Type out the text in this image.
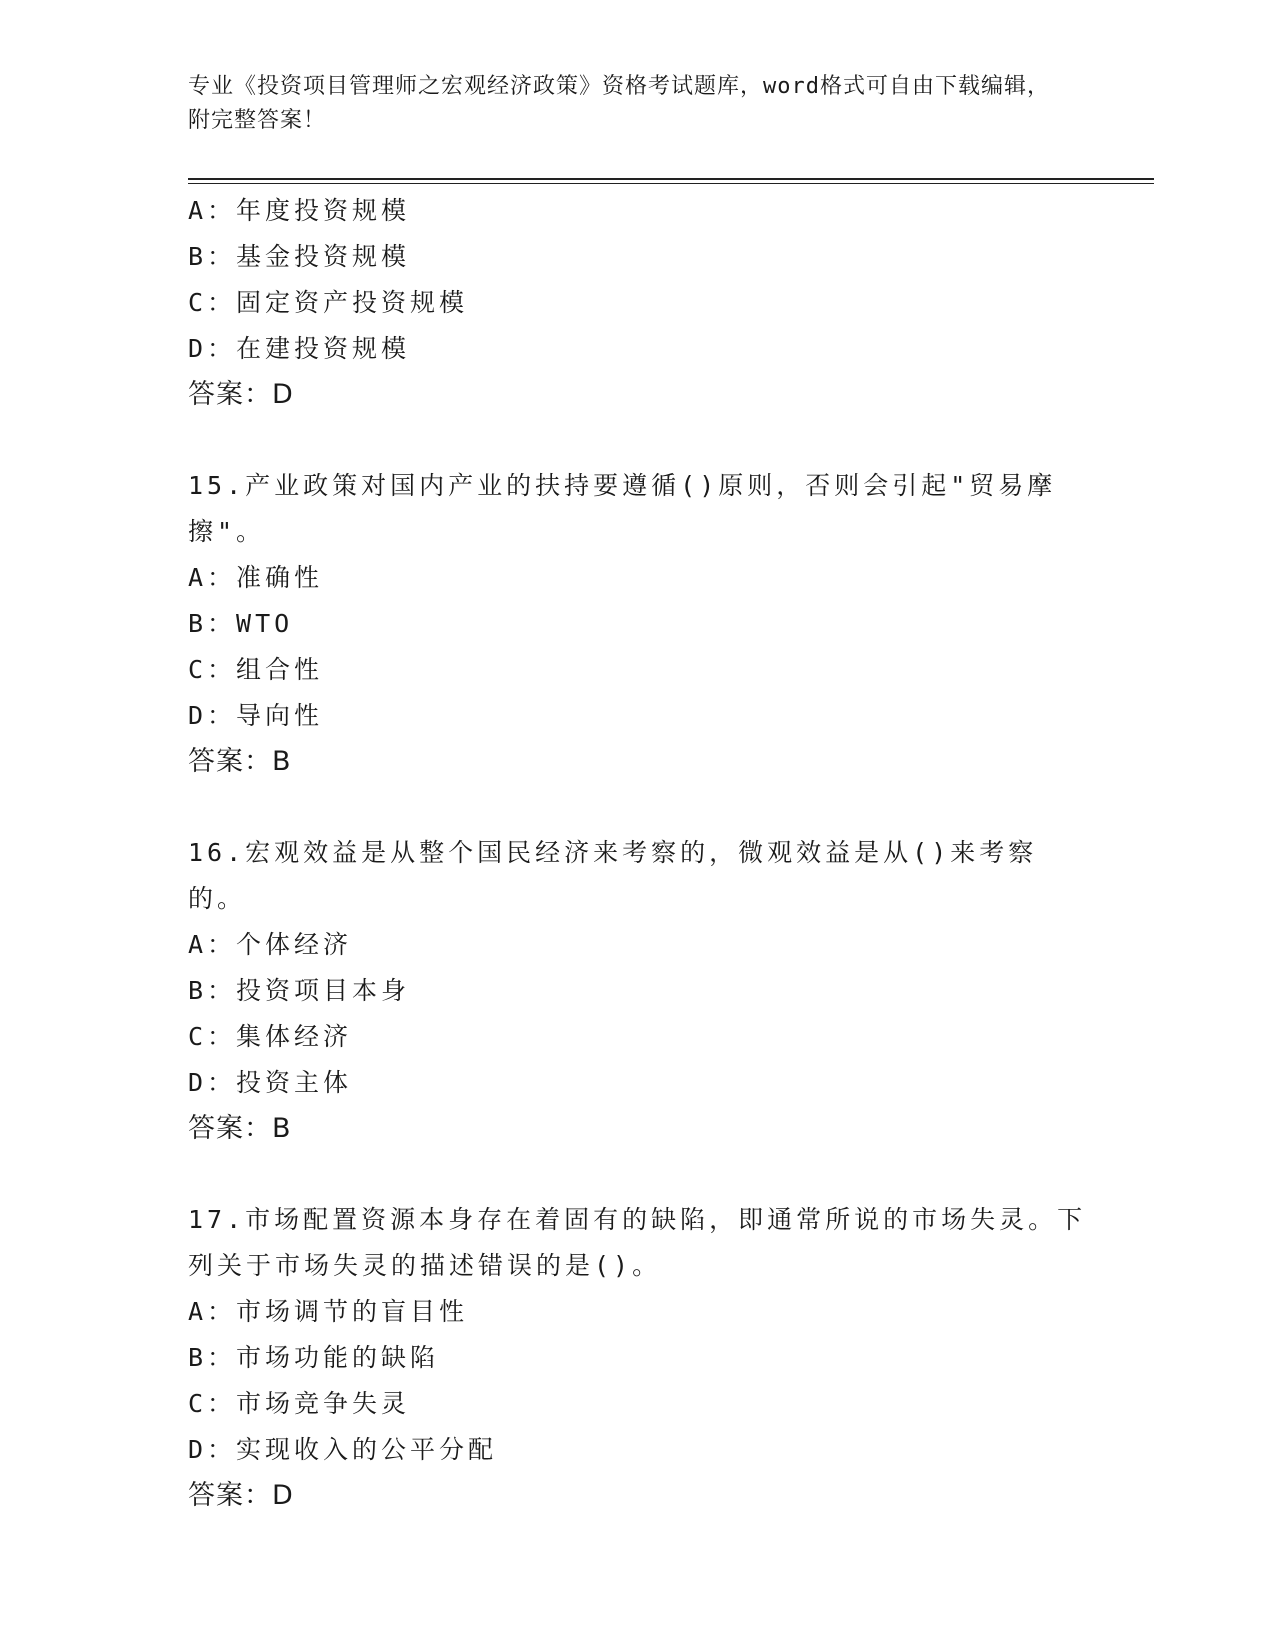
专业《投资项目管理师之宏观经济政策》资格考试题库，word格式可自由下载编辑，附完整答案！
A：年度投资规模
B：基金投资规模
C：固定资产投资规模
D：在建投资规模
答案：D
15.产业政策对国内产业的扶持要遵循()原则，否则会引起"贸易摩擦"。
A：准确性
B：WTO
C：组合性
D：导向性
答案：B
16.宏观效益是从整个国民经济来考察的，微观效益是从()来考察的。
A：个体经济
B：投资项目本身
C：集体经济
D：投资主体
答案：B
17.市场配置资源本身存在着固有的缺陷，即通常所说的市场失灵。下列关于市场失灵的描述错误的是()。
A：市场调节的盲目性
B：市场功能的缺陷
C：市场竞争失灵
D：实现收入的公平分配
答案：D
